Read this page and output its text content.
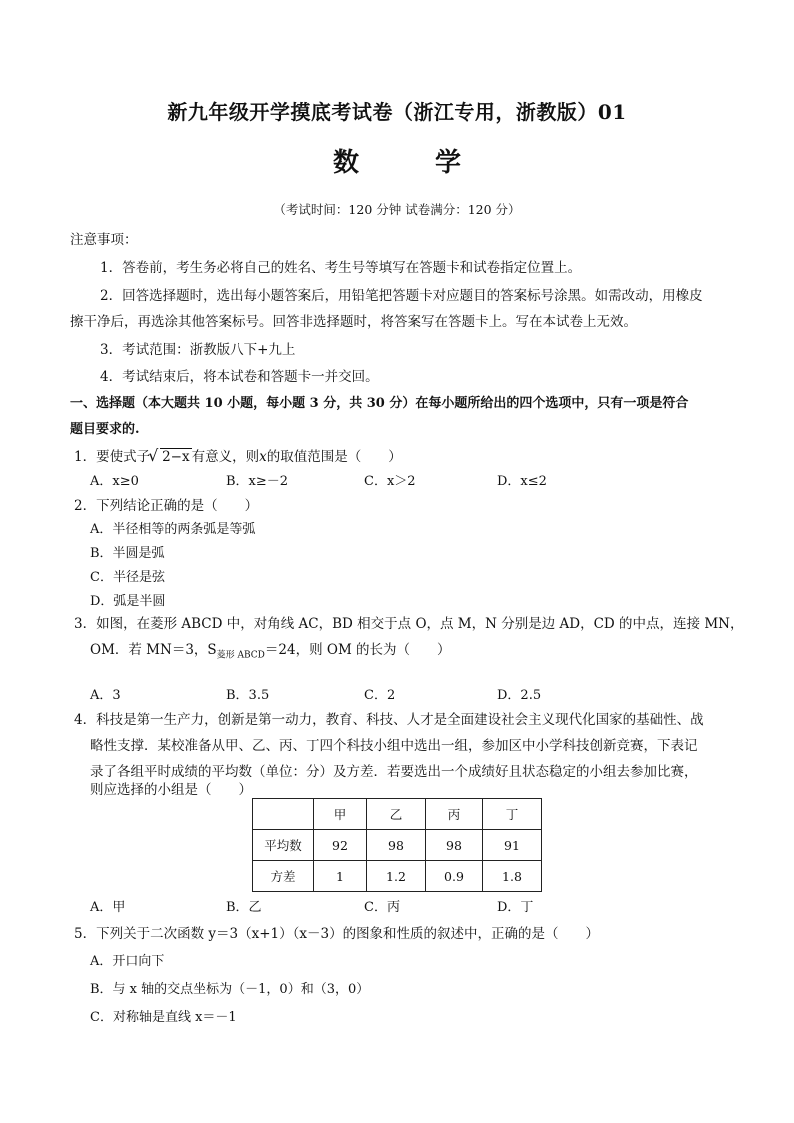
新九年级开学摸底考试卷（浙江专用，浙教版）01
数	学
（考试时间：120 分钟 试卷满分：120 分）
注意事项：
1．答卷前，考生务必将自己的姓名、考生号等填写在答题卡和试卷指定位置上。
2．回答选择题时，选出每小题答案后，用铅笔把答题卡对应题目的答案标号涂黑。如需改动，用橡皮
擦干净后，再选涂其他答案标号。回答非选择题时，将答案写在答题卡上。写在本试卷上无效。
3．考试范围：浙教版八下+九上
4．考试结束后，将本试卷和答题卡一并交回。
一、选择题（本大题共 10 小题，每小题 3 分，共 30 分）在每小题所给出的四个选项中，只有一项是符合
题目要求的.
1．要使式子 √ 2−x 有意义，则x的取值范围是（　　）
A．x≥0	B．x≥－2	C．x＞2	D．x≤2
2．下列结论正确的是（　　）
A．半径相等的两条弧是等弧
B．半圆是弧
C．半径是弦
D．弧是半圆
3．如图，在菱形 ABCD 中，对角线 AC，BD 相交于点 O，点 M，N 分别是边 AD，CD 的中点，连接 MN，
OM．若 MN＝3，$S_{菱形 ABCD}=24$，则 OM 的长为（　　）
A．3	B．3.5	C．2	D．2.5
4．科技是第一生产力，创新是第一动力，教育、科技、人才是全面建设社会主义现代化国家的基础性、战
略性支撑．某校准备从甲、乙、丙、丁四个科技小组中选出一组，参加区中小学科技创新竞赛，下表记
录了各组平时成绩的平均数（单位：分）及方差．若要选出一个成绩好且状态稳定的小组去参加比赛，
则应选择的小组是（　　）
	甲	乙	丙	丁
平均数	92	98	98	91
方差	1	1.2	0.9	1.8
A．甲	B．乙	C．丙	D．丁
5．下列关于二次函数 y＝3（x+1）（x－3）的图象和性质的叙述中，正确的是（　　）
A．开口向下
B．与 x 轴的交点坐标为（－1，0）和（3，0）
C．对称轴是直线 x＝－1
